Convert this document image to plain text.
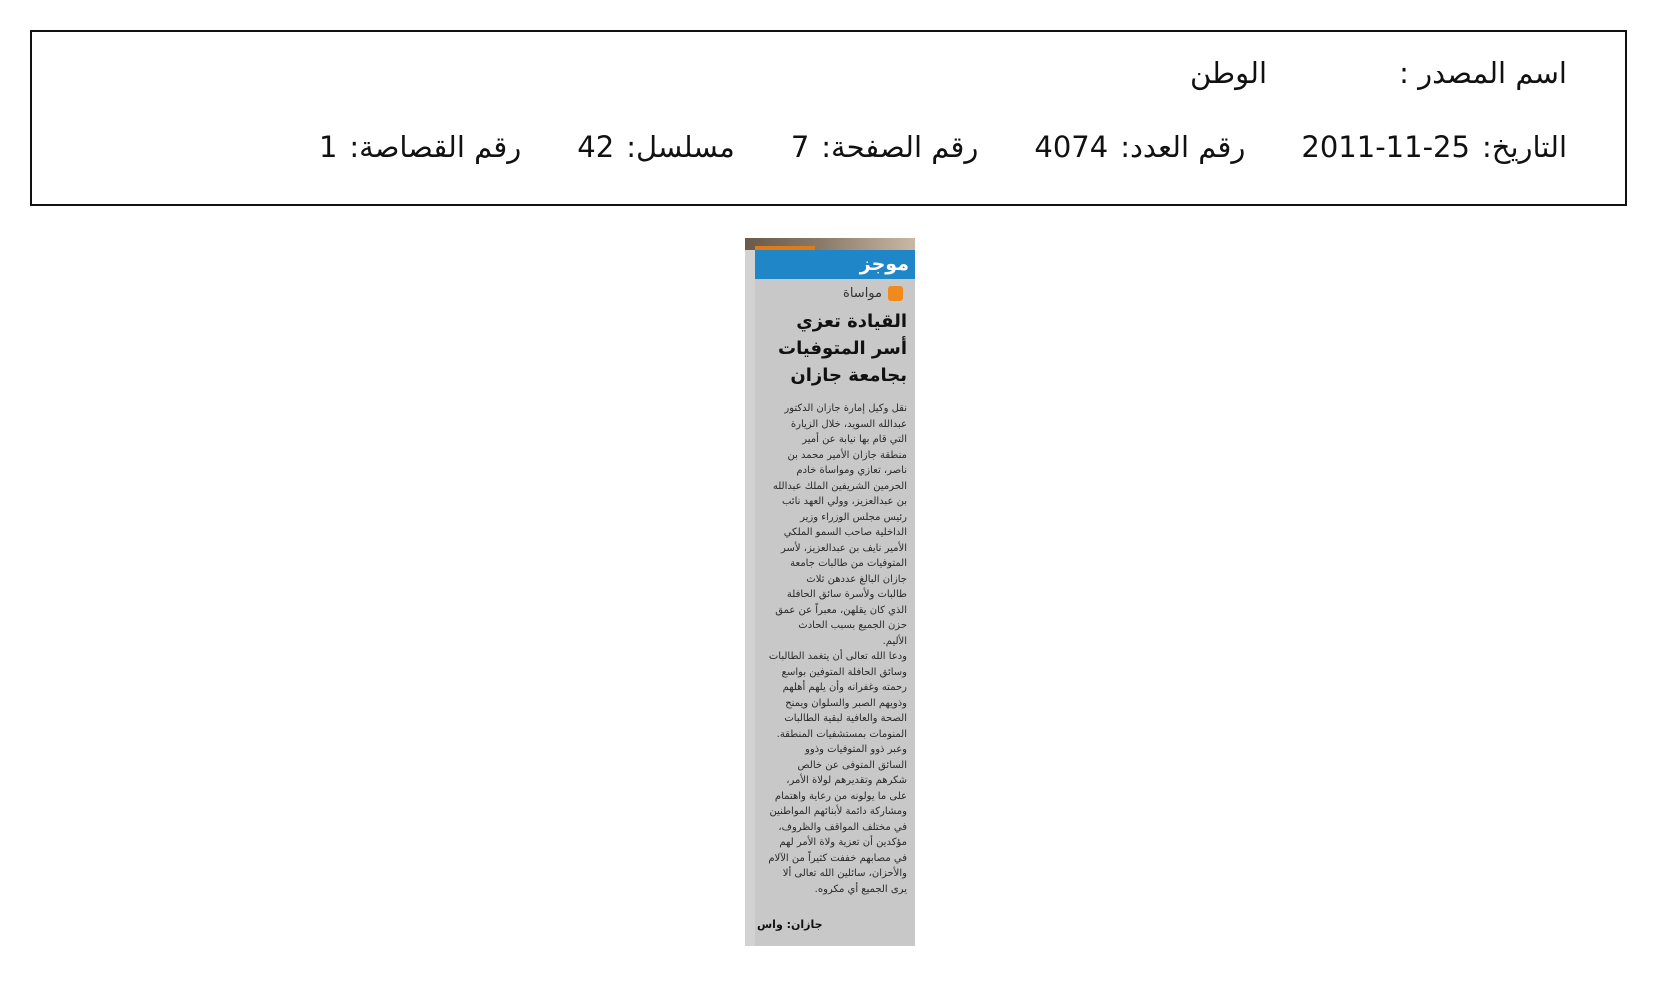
اسم المصدر :
الوطن
التاريخ:
2011-11-25
رقم العدد:
4074
رقم الصفحة:
7
مسلسل:
42
رقم القصاصة:
1
موجز
مواساة
القيادة تعزي
أسر المتوفيات
بجامعة جازان
نقل وكيل إمارة جازان الدكتور
عبدالله السويد، خلال الزيارة
التي قام بها نيابة عن أمير
منطقة جازان الأمير محمد بن
ناصر، تعازي ومواساة خادم
الحرمين الشريفين الملك عبدالله
بن عبدالعزيز، وولي العهد نائب
رئيس مجلس الوزراء وزير
الداخلية صاحب السمو الملكي
الأمير نايف بن عبدالعزيز، لأسر
المتوفيات من طالبات جامعة
جازان البالغ عددهن ثلاث
طالبات ولأسرة سائق الحافلة
الذي كان يقلهن، معبراً عن عمق
حزن الجميع بسبب الحادث
الأليم.
ودعا الله تعالى أن يتغمد الطالبات
وسائق الحافلة المتوفين بواسع
رحمته وغفرانه وأن يلهم أهلهم
وذويهم الصبر والسلوان ويمنح
الصحة والعافية لبقية الطالبات
المنومات بمستشفيات المنطقة.
وعبر ذوو المتوفيات وذوو
السائق المتوفى عن خالص
شكرهم وتقديرهم لولاة الأمر،
على ما يولونه من رعاية واهتمام
ومشاركة دائمة لأبنائهم المواطنين
في مختلف المواقف والظروف،
مؤكدين أن تعزية ولاة الأمر لهم
في مصابهم خففت كثيراً من الآلام
والأحزان، سائلين الله تعالى ألا
يرى الجميع أي مكروه.
جازان: واس
